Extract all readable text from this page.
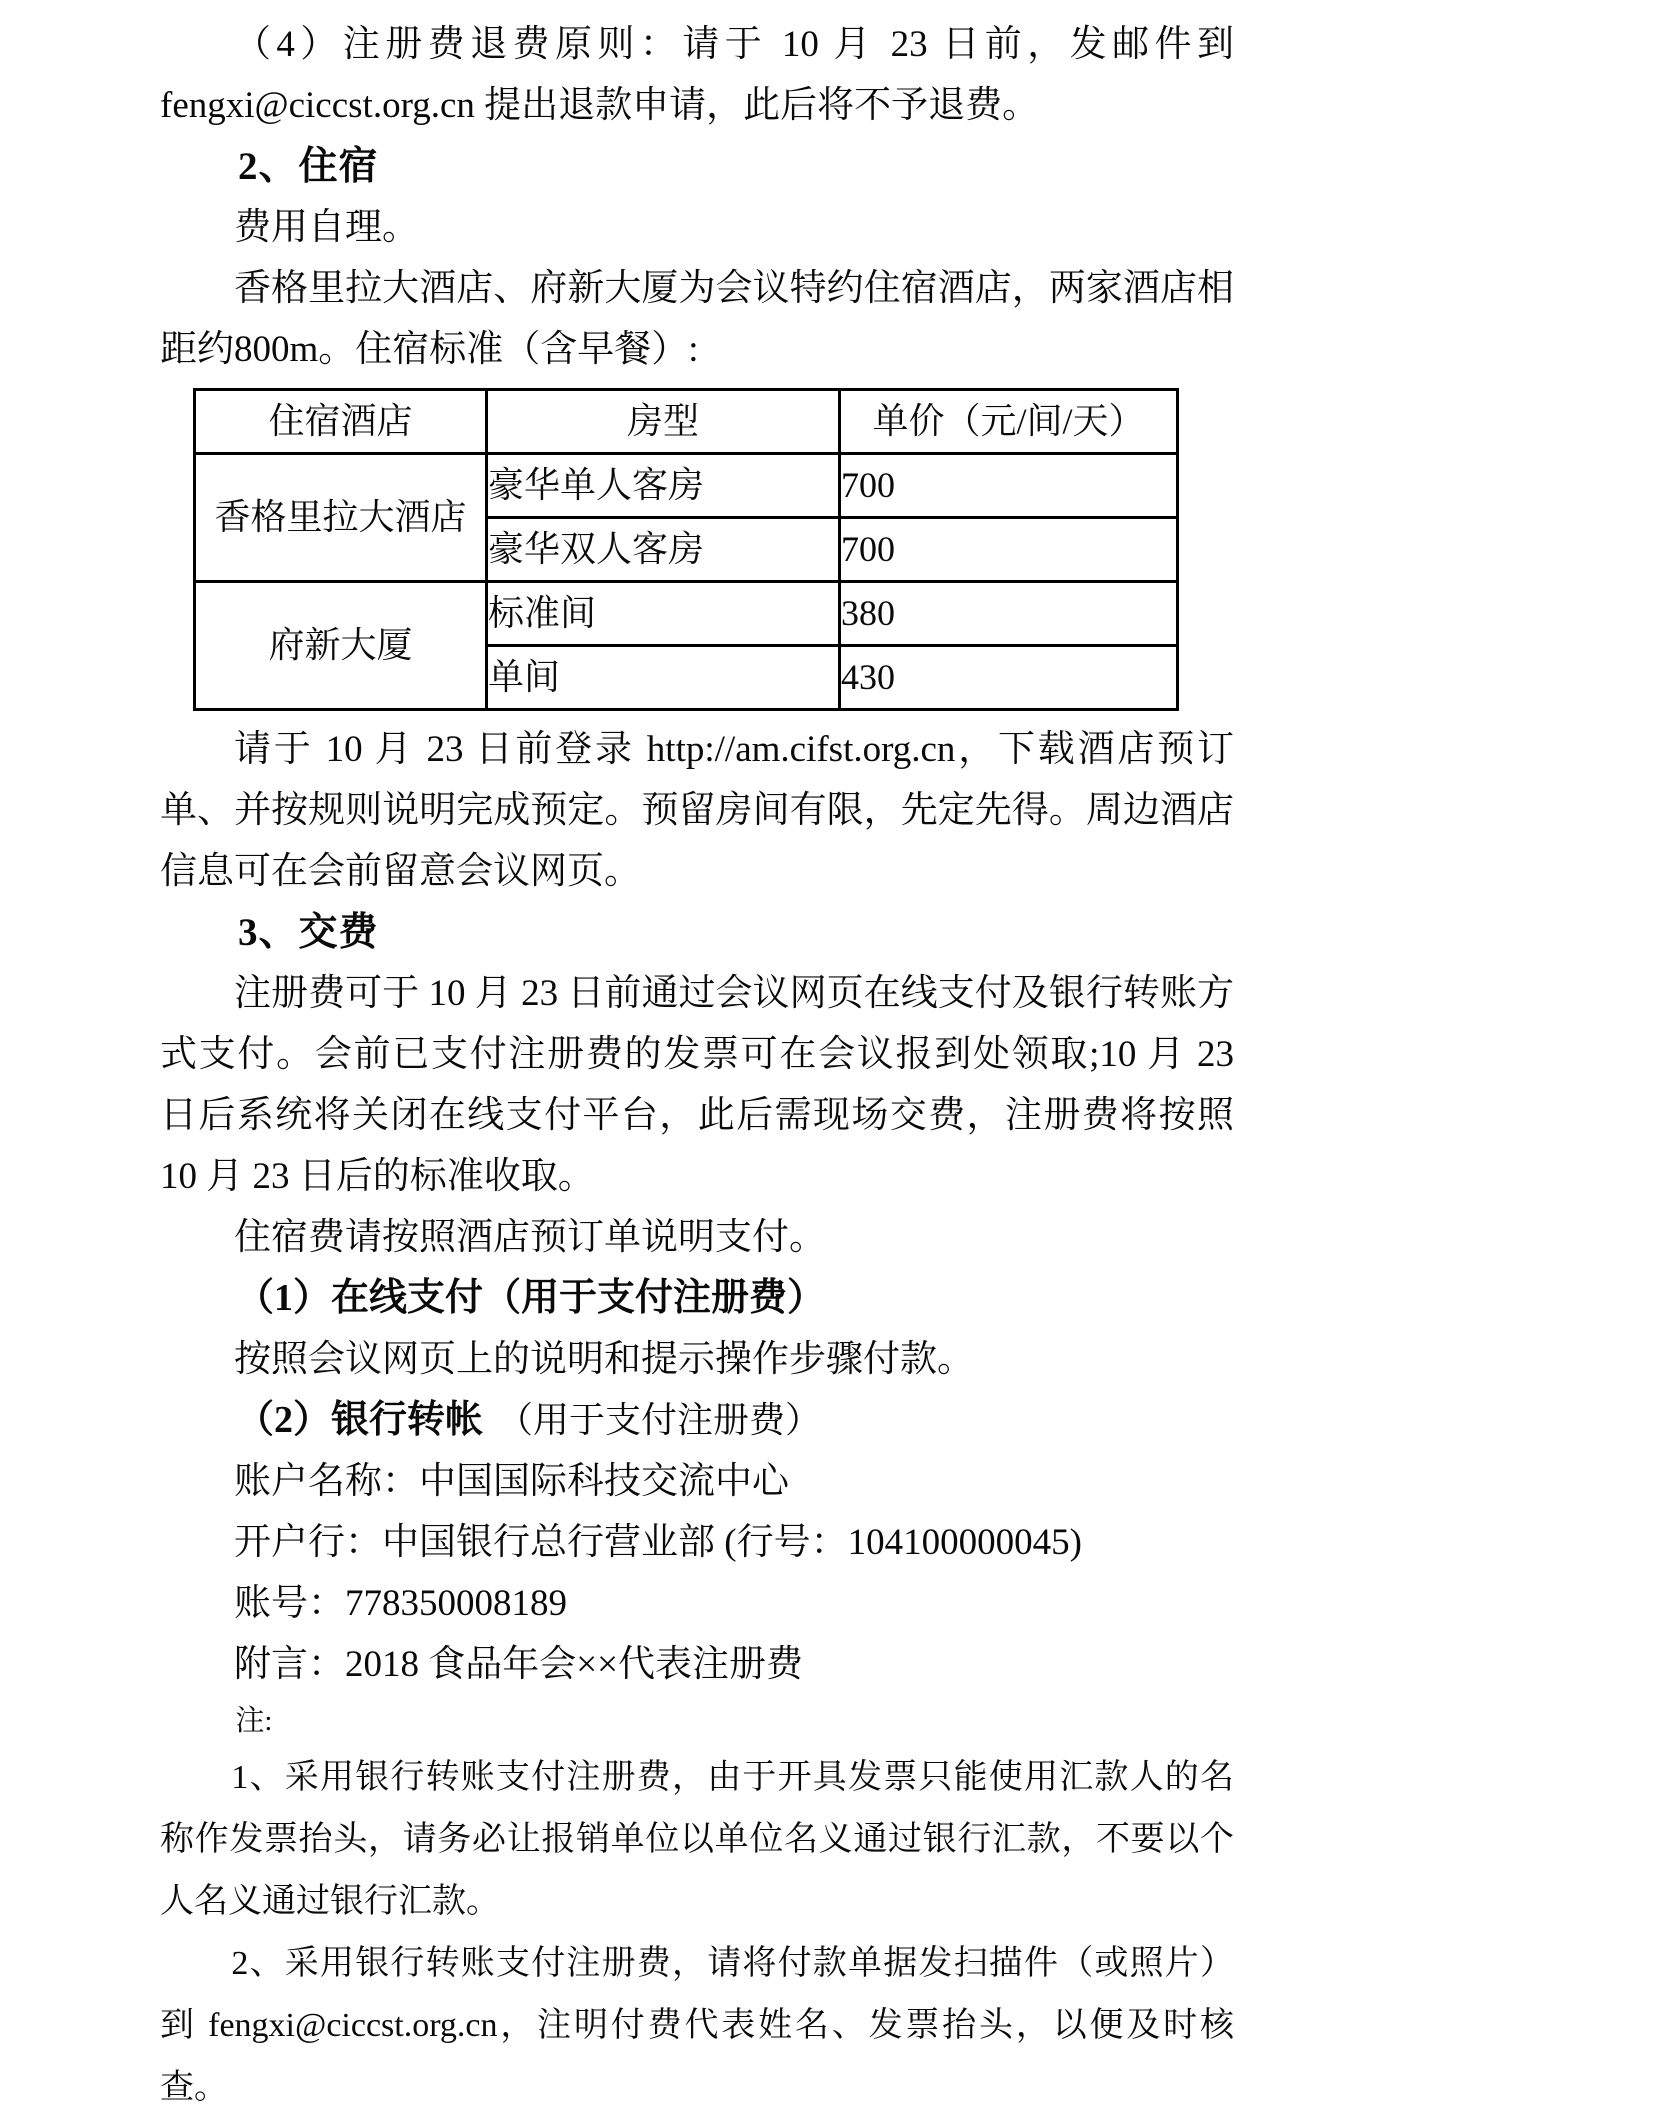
（4）注册费退费原则：请于 10 月 23 日前，发邮件到 fengxi@ciccst.org.cn 提出退款申请，此后将不予退费。

2、住宿

费用自理。

香格里拉大酒店、府新大厦为会议特约住宿酒店，两家酒店相距约800m。住宿标准（含早餐）:

住宿酒店	房型	单价（元/间/天）
香格里拉大酒店	豪华单人客房	700
	豪华双人客房	700
府新大厦	标准间	380
	单间	430

请于 10 月 23 日前登录 http://am.cifst.org.cn，下载酒店预订单、并按规则说明完成预定。预留房间有限，先定先得。周边酒店信息可在会前留意会议网页。

3、交费

注册费可于 10 月 23 日前通过会议网页在线支付及银行转账方式支付。会前已支付注册费的发票可在会议报到处领取;10 月 23 日后系统将关闭在线支付平台，此后需现场交费，注册费将按照 10 月 23 日后的标准收取。

住宿费请按照酒店预订单说明支付。

（1）在线支付（用于支付注册费）

按照会议网页上的说明和提示操作步骤付款。

（2）银行转帐 （用于支付注册费）

账户名称：中国国际科技交流中心

开户行：中国银行总行营业部 (行号：104100000045)

账号：778350008189

附言：2018 食品年会××代表注册费

注:

1、采用银行转账支付注册费，由于开具发票只能使用汇款人的名称作发票抬头，请务必让报销单位以单位名义通过银行汇款，不要以个人名义通过银行汇款。

2、采用银行转账支付注册费，请将付款单据发扫描件（或照片）到 fengxi@ciccst.org.cn，注明付费代表姓名、发票抬头，以便及时核查。
